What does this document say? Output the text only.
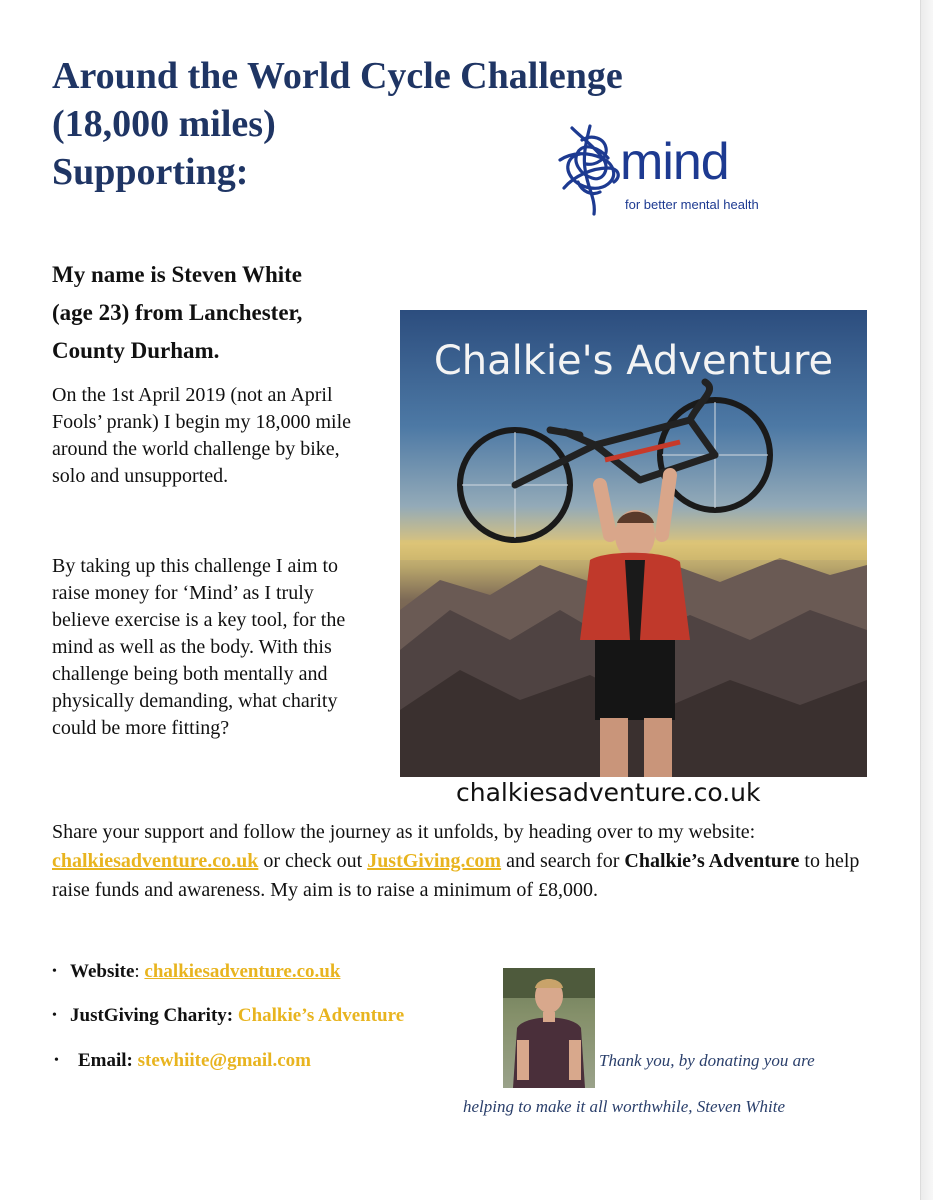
Around the World Cycle Challenge
(18,000 miles)
Supporting:	mind
for better mental health
My name is Steven White
(age 23) from Lanchester,
County Durham.

On the 1st April 2019 (not an April Fools’ prank) I begin my 18,000 mile around the world challenge by bike, solo and unsupported.

By taking up this challenge I aim to raise money for ‘Mind’ as I truly believe exercise is a key tool, for the mind as well as the body. With this challenge being both mentally and physically demanding, what charity could be more fitting?

Chalkie's Adventure
chalkiesadventure.co.uk

Share your support and follow the journey as it unfolds, by heading over to my website: chalkiesadventure.co.uk or check out JustGiving.com and search for Chalkie’s Adventure to help raise funds and awareness. My aim is to raise a minimum of £8,000.

• Website: chalkiesadventure.co.uk
• JustGiving Charity: Chalkie’s Adventure
• Email: stewhiite@gmail.com	Thank you, by donating you are
helping to make it all worthwhile, Steven White
